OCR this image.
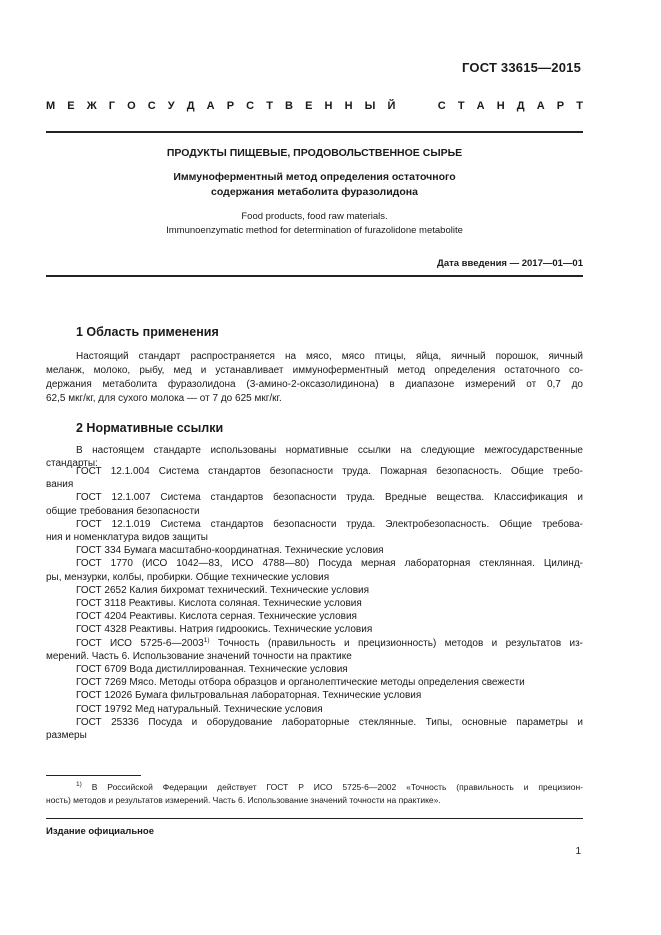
ГОСТ 33615—2015
М Е Ж Г О С У Д А Р С Т В Е Н Н Ы Й

	С Т А Н Д А Р Т
ПРОДУКТЫ ПИЩЕВЫЕ, ПРОДОВОЛЬСТВЕННОЕ СЫРЬЕ
Иммуноферментный метод определения остаточного
содержания метаболита фуразолидона
Food products, food raw materials.
Immunoenzymatic method for determination of furazolidone metabolite
Дата введения — 2017—01—01
1 Область применения
Настоящий стандарт распространяется на мясо, мясо птицы, яйца, яичный порошок, яичный
меланж, молоко, рыбу, мед и устанавливает иммуноферментный метод определения остаточного со-
держания метаболита фуразолидона (3-амино-2-оксазолидинона) в диапазоне измерений от 0,7 до
62,5 мкг/кг, для сухого молока — от 7 до 625 мкг/кг.
2 Нормативные ссылки
В настоящем стандарте использованы нормативные ссылки на следующие межгосударственные
стандарты:
ГОСТ 12.1.004 Система стандартов безопасности труда. Пожарная безопасность. Общие требо-
вания
ГОСТ 12.1.007 Система стандартов безопасности труда. Вредные вещества. Классификация и
общие требования безопасности
ГОСТ 12.1.019 Система стандартов безопасности труда. Электробезопасность. Общие требова-
ния и номенклатура видов защиты
ГОСТ 334 Бумага масштабно-координатная. Технические условия
ГОСТ 1770 (ИСО 1042—83, ИСО 4788—80) Посуда мерная лабораторная стеклянная. Цилинд-
ры, мензурки, колбы, пробирки. Общие технические условия
ГОСТ 2652 Калия бихромат технический. Технические условия
ГОСТ 3118 Реактивы. Кислота соляная. Технические условия
ГОСТ 4204 Реактивы. Кислота серная. Технические условия
ГОСТ 4328 Реактивы. Натрия гидроокись. Технические условия
ГОСТ ИСО 5725-6—2003$^{1)}$ Точность (правильность и прецизионность) методов и результатов из-
мерений. Часть 6. Использование значений точности на практике
ГОСТ 6709 Вода дистиллированная. Технические условия
ГОСТ 7269 Мясо. Методы отбора образцов и органолептические методы определения свежести
ГОСТ 12026 Бумага фильтровальная лабораторная. Технические условия
ГОСТ 19792 Мед натуральный. Технические условия
ГОСТ 25336 Посуда и оборудование лабораторные стеклянные. Типы, основные параметры и
размеры
$^{1)}$ В Российской Федерации действует ГОСТ Р ИСО 5725-6—2002 «Точность (правильность и прецизион-
ность) методов и результатов измерений. Часть 6. Использование значений точности на практике».
Издание официальное
1
